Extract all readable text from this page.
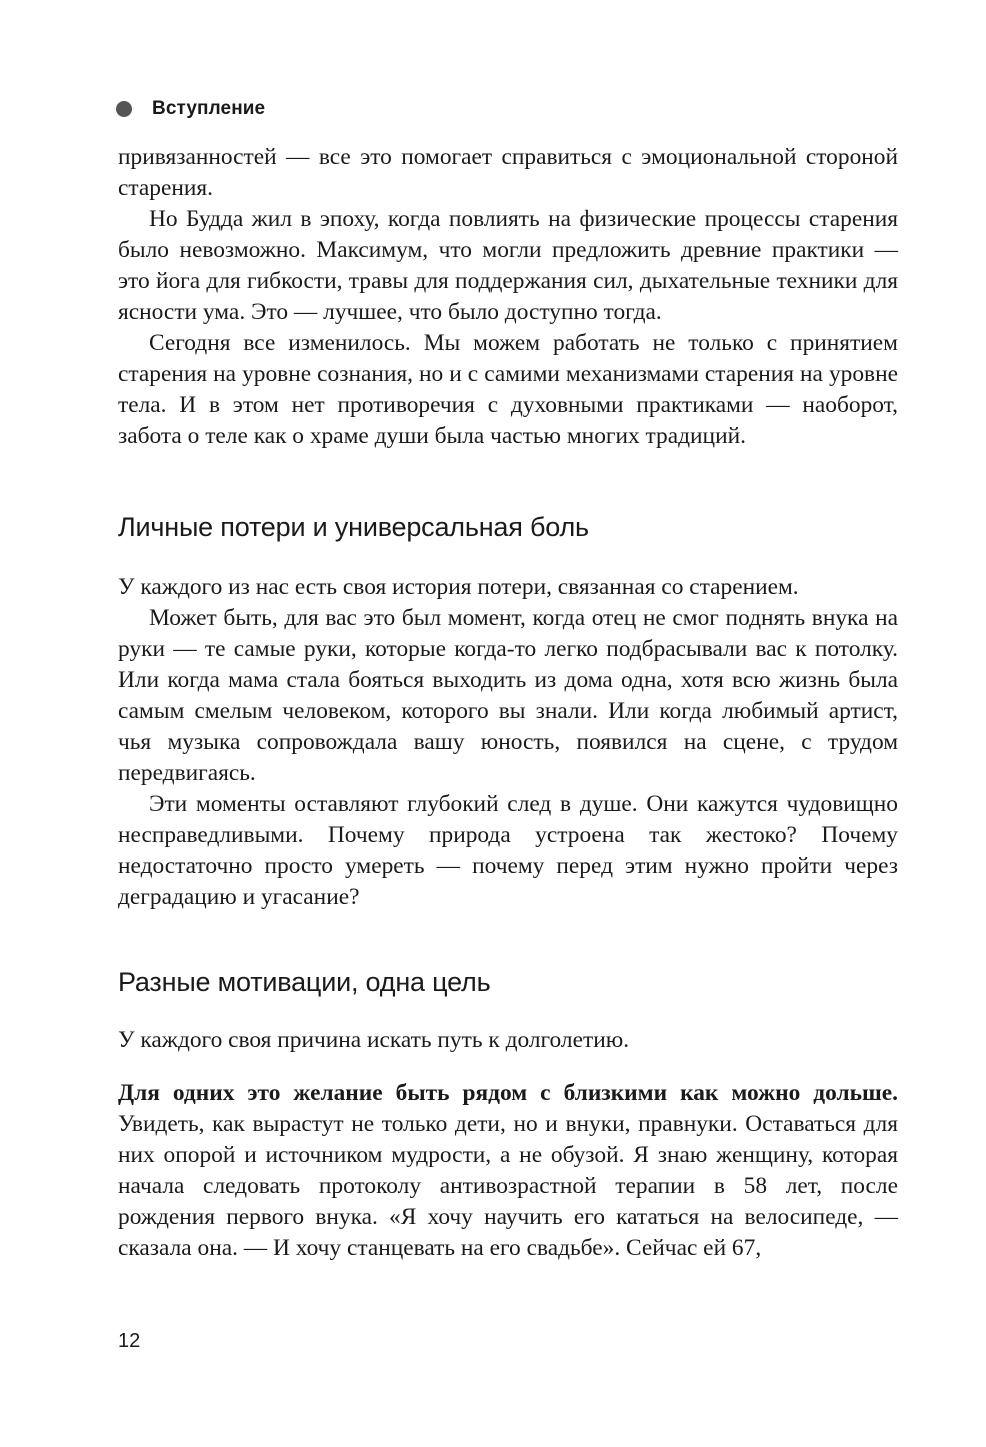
Вступление

привязанностей — все это помогает справиться с эмоциональной стороной старения.

Но Будда жил в эпоху, когда повлиять на физические процессы старения было невозможно. Максимум, что могли предложить древние практики — это йога для гибкости, травы для поддержания сил, дыхательные техники для ясности ума. Это — лучшее, что было доступно тогда.

Сегодня все изменилось. Мы можем работать не только с принятием старения на уровне сознания, но и с самими механизмами старения на уровне тела. И в этом нет противоречия с духовными практиками — наоборот, забота о теле как о храме души была частью многих традиций.

Личные потери и универсальная боль

У каждого из нас есть своя история потери, связанная со старением.

Может быть, для вас это был момент, когда отец не смог поднять внука на руки — те самые руки, которые когда-то легко подбрасывали вас к потолку. Или когда мама стала бояться выходить из дома одна, хотя всю жизнь была самым смелым человеком, которого вы знали. Или когда любимый артист, чья музыка сопровождала вашу юность, появился на сцене, с трудом передвигаясь.

Эти моменты оставляют глубокий след в душе. Они кажутся чудовищно несправедливыми. Почему природа устроена так жестоко? Почему недостаточно просто умереть — почему перед этим нужно пройти через деградацию и угасание?

Разные мотивации, одна цель

У каждого своя причина искать путь к долголетию.

Для одних это желание быть рядом с близкими как можно дольше. Увидеть, как вырастут не только дети, но и внуки, правнуки. Оставаться для них опорой и источником мудрости, а не обузой. Я знаю женщину, которая начала следовать протоколу антивозрастной терапии в 58 лет, после рождения первого внука. «Я хочу научить его кататься на велосипеде, — сказала она. — И хочу станцевать на его свадьбе». Сейчас ей 67,

12
